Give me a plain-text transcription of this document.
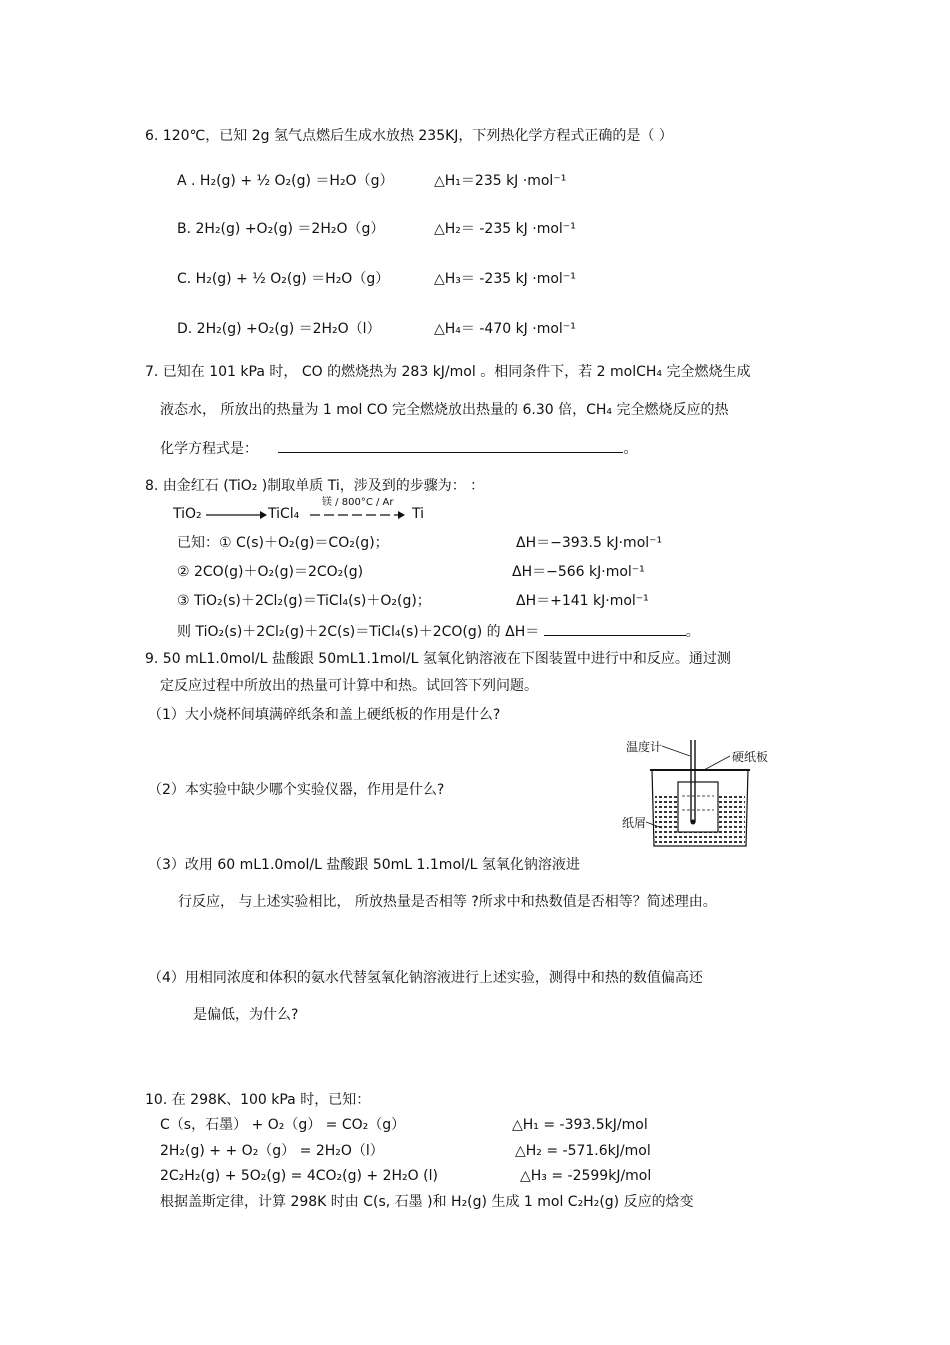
6. 120℃，已知 2g 氢气点燃后生成水放热 235KJ，下列热化学方程式正确的是（ ）
A . H₂(g) + ½ O₂(g) ＝H₂O（g）	△H₁＝235 kJ ·mol⁻¹
B. 2H₂(g) +O₂(g) ＝2H₂O（g）	△H₂＝ -235 kJ ·mol⁻¹
C. H₂(g) + ½ O₂(g) ＝H₂O（g）	△H₃＝ -235 kJ ·mol⁻¹
D. 2H₂(g) +O₂(g) ＝2H₂O（l）	△H₄＝ -470 kJ ·mol⁻¹
7. 已知在 101 kPa 时， CO 的燃烧热为 283 kJ/mol 。相同条件下，若 2 molCH₄ 完全燃烧生成
液态水， 所放出的热量为 1 mol CO 完全燃烧放出热量的 6.30 倍，CH₄ 完全燃烧反应的热
化学方程式是：	。
8. 由金红石 (TiO₂ )制取单质 Ti，涉及到的步骤为： ：
TiO₂	TiCl₄
镁 / 800°C / Ar
Ti
已知：① C(s)＋O₂(g)＝CO₂(g)；	ΔH＝−393.5 kJ·mol⁻¹
② 2CO(g)＋O₂(g)＝2CO₂(g)	ΔH＝−566 kJ·mol⁻¹
③ TiO₂(s)＋2Cl₂(g)＝TiCl₄(s)＋O₂(g)；	ΔH＝+141 kJ·mol⁻¹
则 TiO₂(s)＋2Cl₂(g)＋2C(s)＝TiCl₄(s)＋2CO(g) 的 ΔH＝	。
9. 50 mL1.0mol/L 盐酸跟 50mL1.1mol/L 氢氧化钠溶液在下图装置中进行中和反应。通过测
定反应过程中所放出的热量可计算中和热。试回答下列问题。
（1）大小烧杯间填满碎纸条和盖上硬纸板的作用是什么?
（2）本实验中缺少哪个实验仪器，作用是什么?
温度计
硬纸板
纸屑
（3）改用 60 mL1.0mol/L 盐酸跟 50mL 1.1mol/L 氢氧化钠溶液进
行反应， 与上述实验相比， 所放热量是否相等 ?所求中和热数值是否相等？简述理由。
（4）用相同浓度和体积的氨水代替氢氧化钠溶液进行上述实验，测得中和热的数值偏高还
是偏低，为什么?
10. 在 298K、100 kPa 时，已知：
C（s，石墨） + O₂（g） = CO₂（g）	△H₁ = -393.5kJ/mol
2H₂(g) + + O₂（g） = 2H₂O（l）	△H₂ = -571.6kJ/mol
2C₂H₂(g) + 5O₂(g) = 4CO₂(g) + 2H₂O (l)	△H₃ = -2599kJ/mol
根据盖斯定律，计算 298K 时由 C(s, 石墨 )和 H₂(g) 生成 1 mol C₂H₂(g) 反应的焓变
